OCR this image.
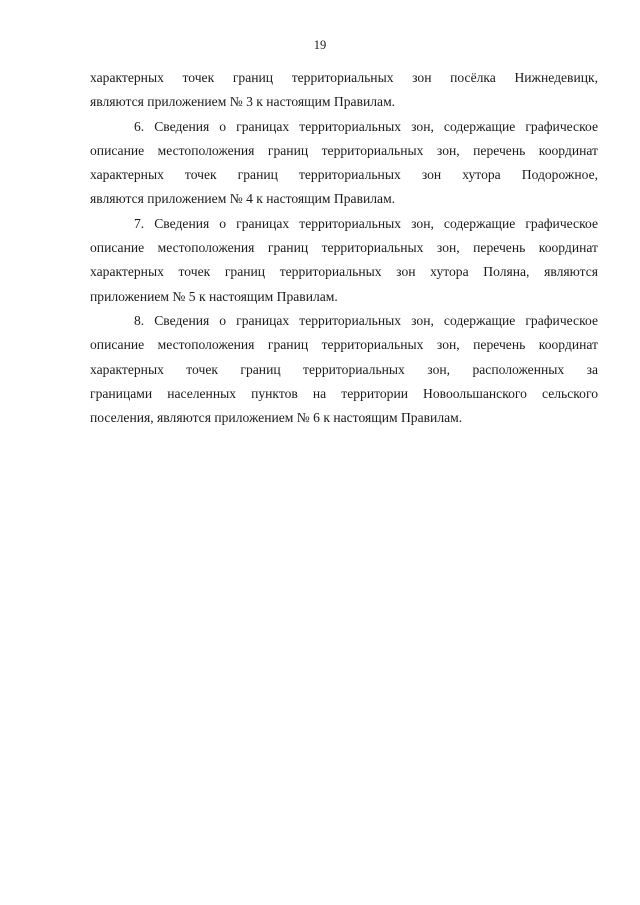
19

характерных точек границ территориальных зон посёлка Нижнедевицк,
являются приложением № 3 к настоящим Правилам.

6. Сведения о границах территориальных зон, содержащие графическое
описание местоположения границ территориальных зон, перечень координат
характерных точек границ территориальных зон хутора Подорожное,
являются приложением № 4 к настоящим Правилам.

7. Сведения о границах территориальных зон, содержащие графическое
описание местоположения границ территориальных зон, перечень координат
характерных точек границ территориальных зон хутора Поляна, являются
приложением № 5 к настоящим Правилам.

8. Сведения о границах территориальных зон, содержащие графическое
описание местоположения границ территориальных зон, перечень координат
характерных точек границ территориальных зон, расположенных за
границами населенных пунктов на территории Новоольшанского сельского
поселения, являются приложением № 6 к настоящим Правилам.
